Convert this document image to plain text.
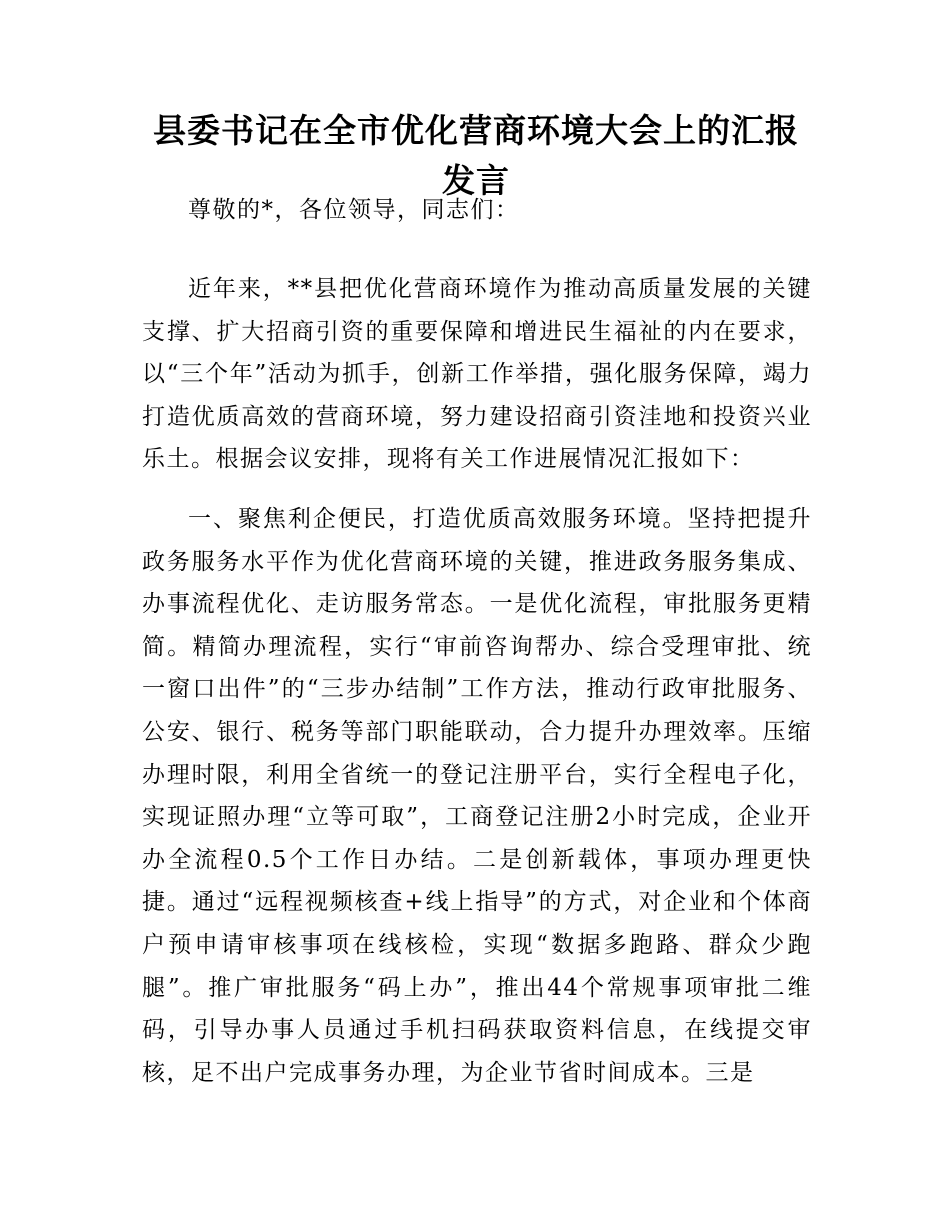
县委书记在全市优化营商环境大会上的汇报发言

尊敬的*，各位领导，同志们：

近年来，**县把优化营商环境作为推动高质量发展的关键支撑、扩大招商引资的重要保障和增进民生福祉的内在要求，以“三个年”活动为抓手，创新工作举措，强化服务保障，竭力打造优质高效的营商环境，努力建设招商引资洼地和投资兴业乐土。根据会议安排，现将有关工作进展情况汇报如下：

一、聚焦利企便民，打造优质高效服务环境。坚持把提升政务服务水平作为优化营商环境的关键，推进政务服务集成、办事流程优化、走访服务常态。一是优化流程，审批服务更精简。精简办理流程，实行“审前咨询帮办、综合受理审批、统一窗口出件”的“三步办结制”工作方法，推动行政审批服务、公安、银行、税务等部门职能联动，合力提升办理效率。压缩办理时限，利用全省统一的登记注册平台，实行全程电子化，实现证照办理“立等可取”，工商登记注册2小时完成，企业开办全流程0.5个工作日办结。二是创新载体，事项办理更快捷。通过“远程视频核查+线上指导”的方式，对企业和个体商户预申请审核事项在线核检，实现“数据多跑路、群众少跑腿”。推广审批服务“码上办”，推出44个常规事项审批二维码，引导办事人员通过手机扫码获取资料信息，在线提交审核，足不出户完成事务办理，为企业节省时间成本。三是
